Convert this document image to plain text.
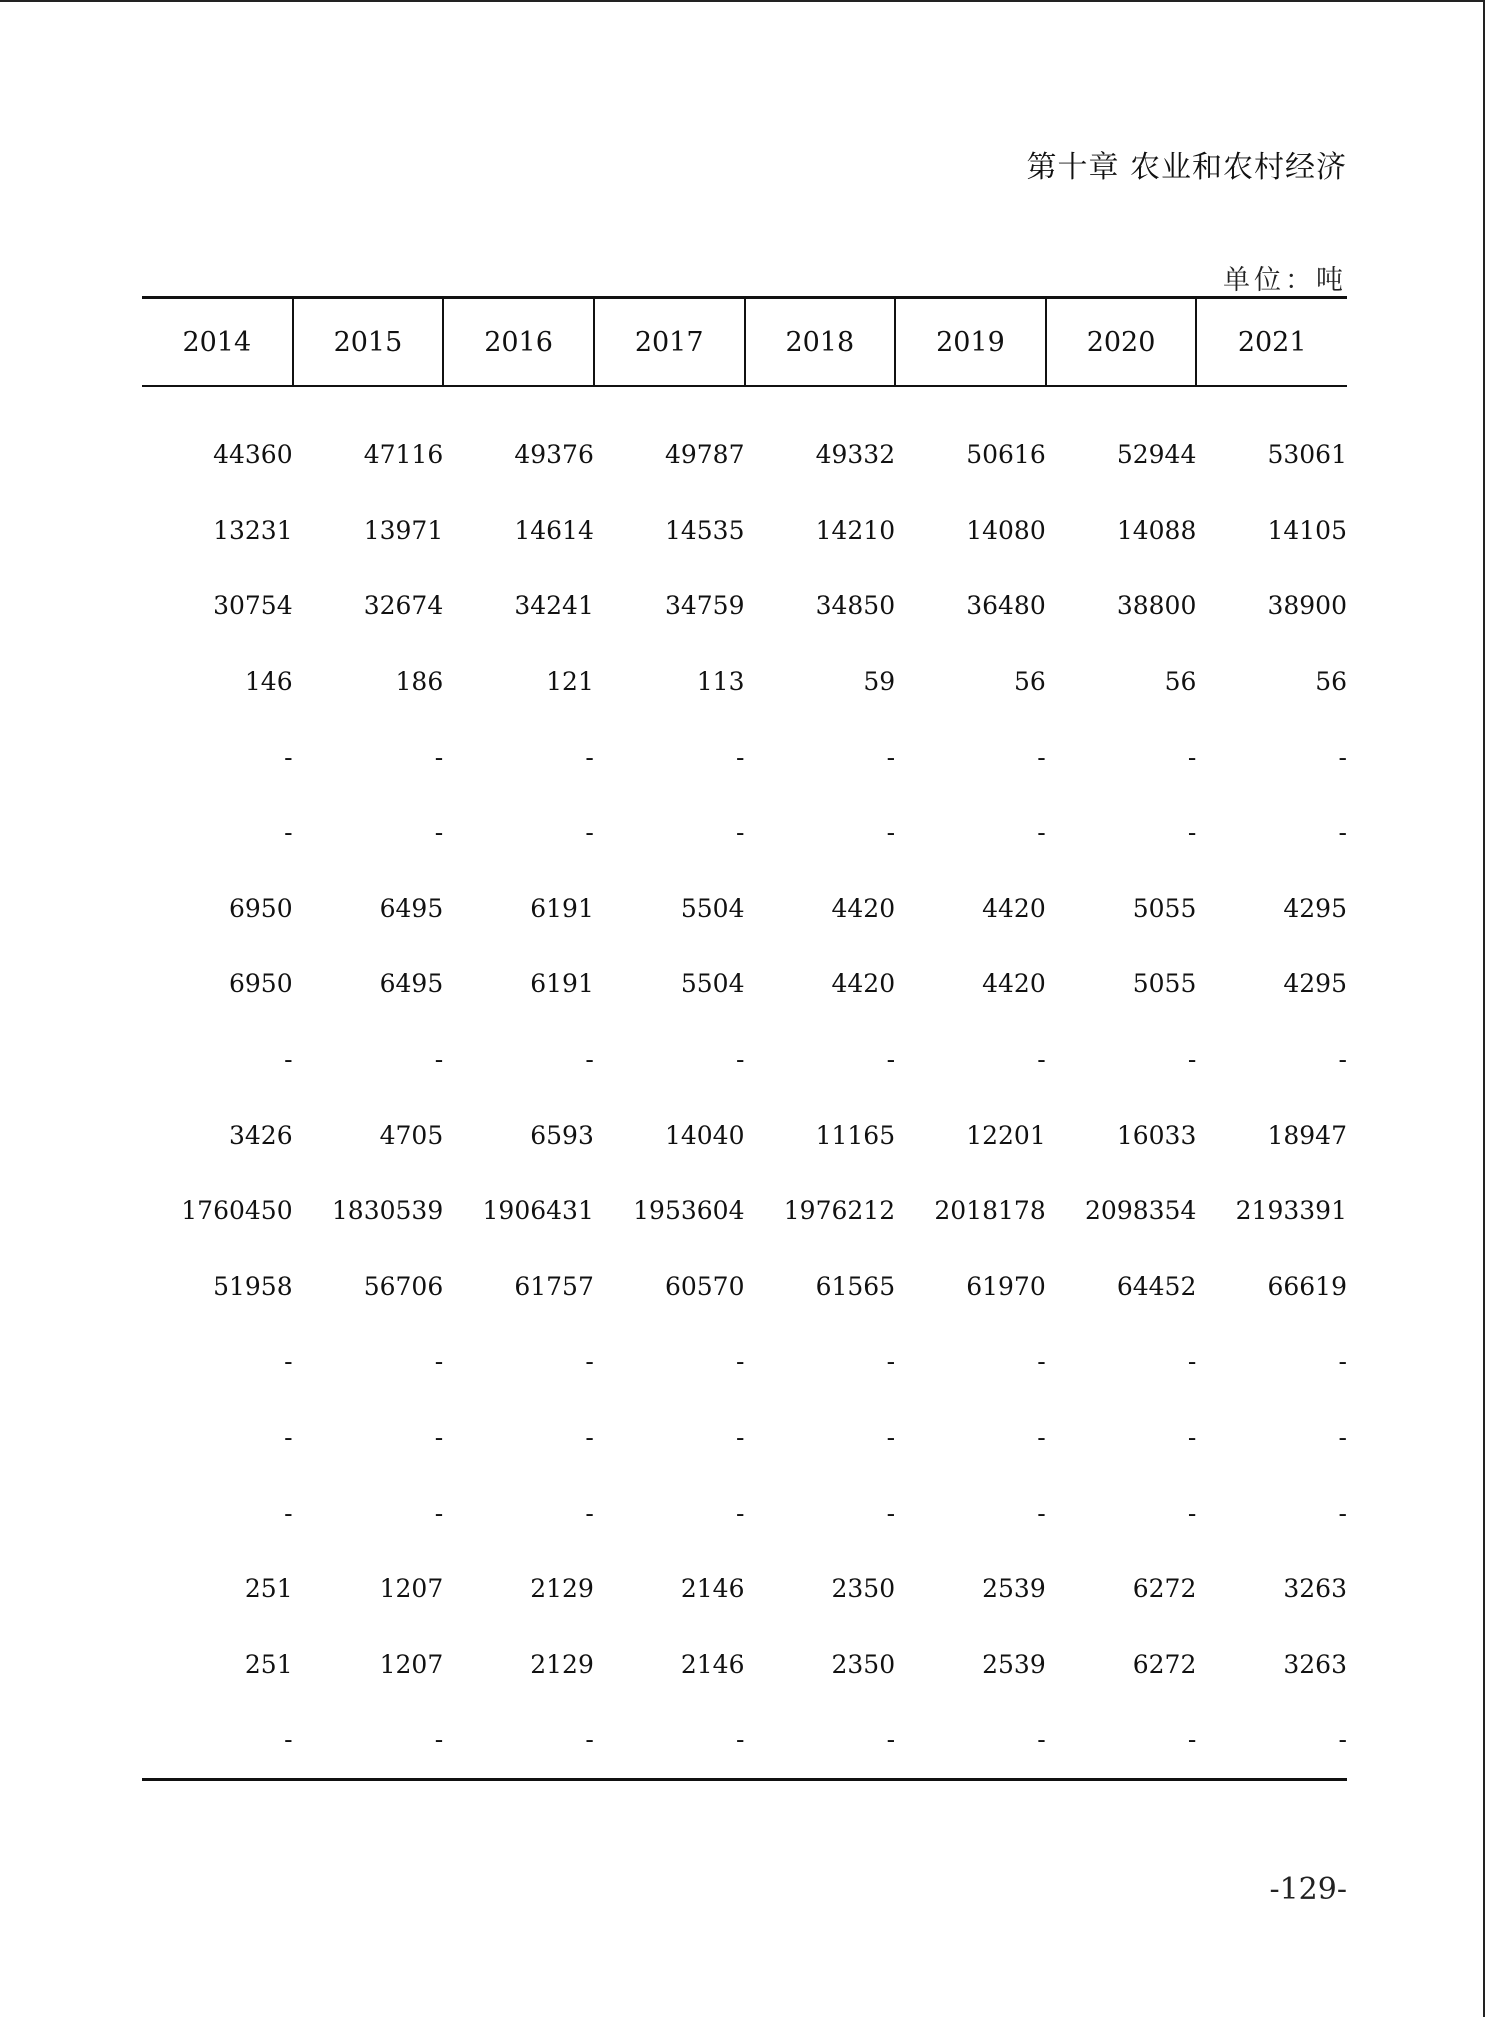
第十章 农业和农村经济
单位：吨
2014	2015	2016	2017	2018	2019	2020	2021

44360	47116	49376	49787	49332	50616	52944	53061
13231	13971	14614	14535	14210	14080	14088	14105
30754	32674	34241	34759	34850	36480	38800	38900
146	186	121	113	59	56	56	56
-	-	-	-	-	-	-	-
-	-	-	-	-	-	-	-
6950	6495	6191	5504	4420	4420	5055	4295
6950	6495	6191	5504	4420	4420	5055	4295
-	-	-	-	-	-	-	-
3426	4705	6593	14040	11165	12201	16033	18947
1760450	1830539	1906431	1953604	1976212	2018178	2098354	2193391
51958	56706	61757	60570	61565	61970	64452	66619
-	-	-	-	-	-	-	-
-	-	-	-	-	-	-	-
-	-	-	-	-	-	-	-
251	1207	2129	2146	2350	2539	6272	3263
251	1207	2129	2146	2350	2539	6272	3263
-	-	-	-	-	-	-	-
-129-
